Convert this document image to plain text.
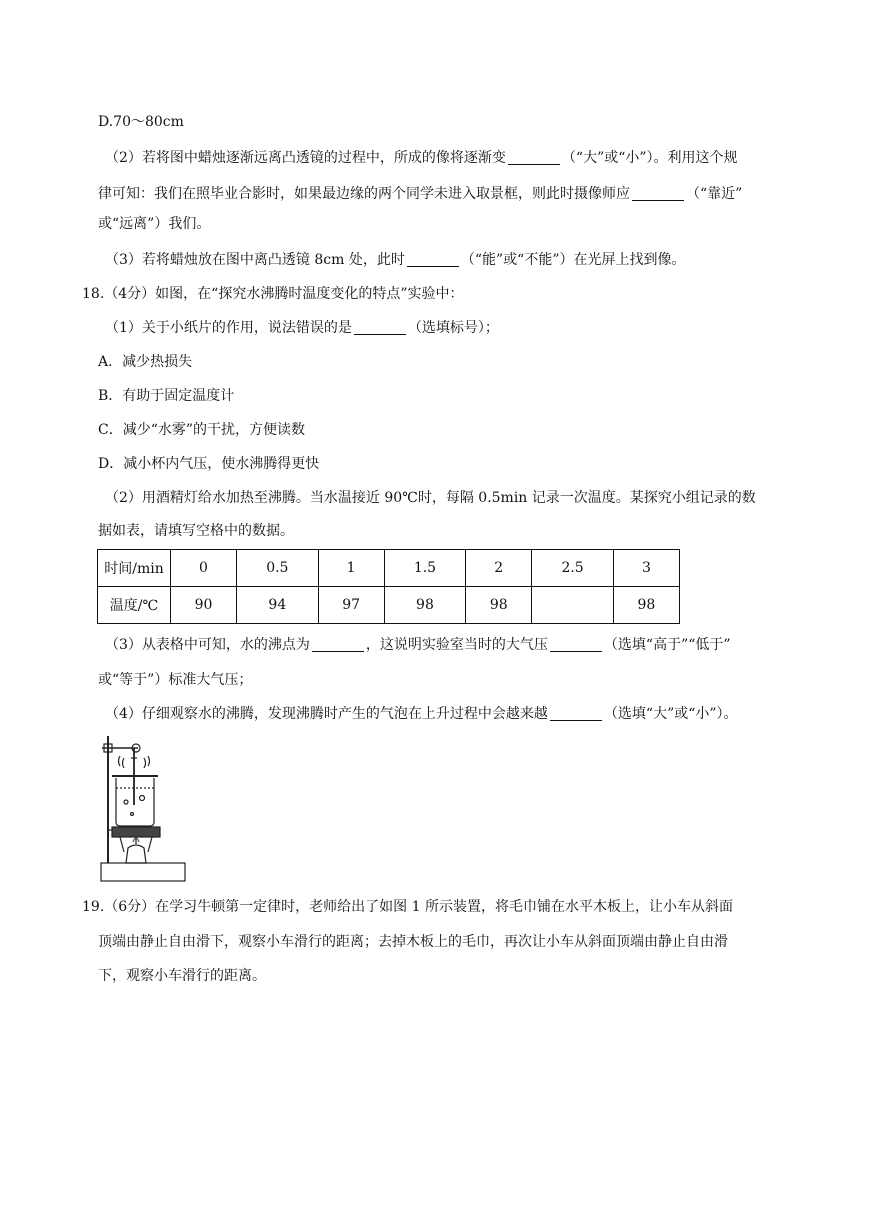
D.70～80cm
（2）若将图中蜡烛逐渐远离凸透镜的过程中，所成的像将逐渐变	（“大”或“小”）。利用这个规
律可知：我们在照毕业合影时，如果最边缘的两个同学未进入取景框，则此时摄像师应	（“靠近”
或“远离”）我们。
（3）若将蜡烛放在图中离凸透镜 8cm 处，此时	（“能”或“不能”）在光屏上找到像。
18.（4分）如图，在“探究水沸腾时温度变化的特点”实验中：
（1）关于小纸片的作用，说法错误的是	（选填标号）；
A．减少热损失
B．有助于固定温度计
C．减少“水雾”的干扰，方便读数
D．减小杯内气压，使水沸腾得更快
（2）用酒精灯给水加热至沸腾。当水温接近 90℃时，每隔 0.5min 记录一次温度。某探究小组记录的数
据如表，请填写空格中的数据。
时间/min	0	0.5	1	1.5	2	2.5	3
温度/℃	90	94	97	98	98		98
（3）从表格中可知，水的沸点为	，这说明实验室当时的大气压	（选填“高于”“低于”
或“等于”）标准大气压；
（4）仔细观察水的沸腾，发现沸腾时产生的气泡在上升过程中会越来越	（选填“大”或“小”）。
19.（6分）在学习牛顿第一定律时，老师给出了如图 1 所示装置，将毛巾铺在水平木板上，让小车从斜面
顶端由静止自由滑下，观察小车滑行的距离；去掉木板上的毛巾，再次让小车从斜面顶端由静止自由滑
下，观察小车滑行的距离。
